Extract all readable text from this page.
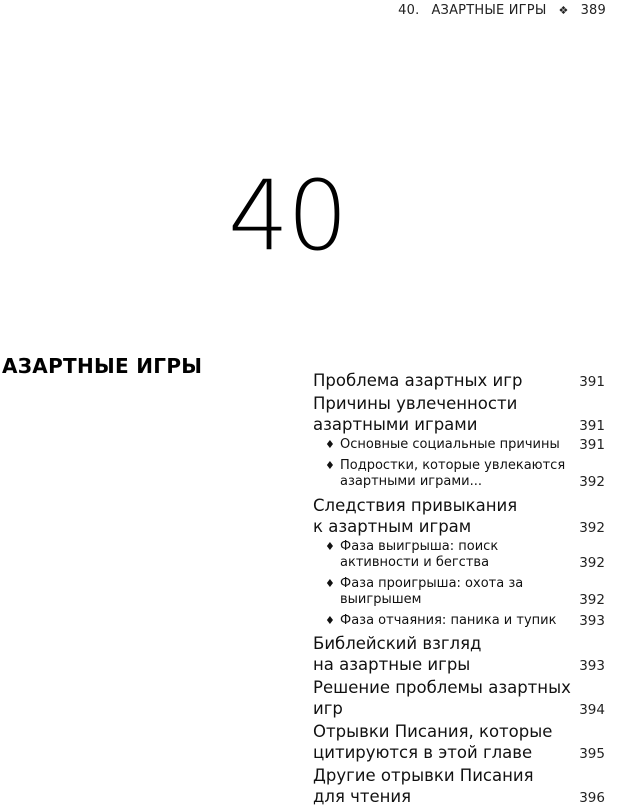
40. АЗАРТНЫЕ ИГРЫ ❖ 389
40
АЗАРТНЫЕ ИГРЫ
Проблема азартных игр	391
Причины увлеченности
азартными играми	391
♦ Основные социальные причины	391
♦ Подростки, которые увлекаются
азартными играми...	392
Следствия привыкания
к азартным играм	392
♦ Фаза выигрыша: поиск
активности и бегства	392
♦ Фаза проигрыша: охота за
выигрышем	392
♦ Фаза отчаяния: паника и тупик	393
Библейский взгляд
на азартные игры	393
Решение проблемы азартных
игр	394
Отрывки Писания, которые
цитируются в этой главе	395
Другие отрывки Писания
для чтения	396
